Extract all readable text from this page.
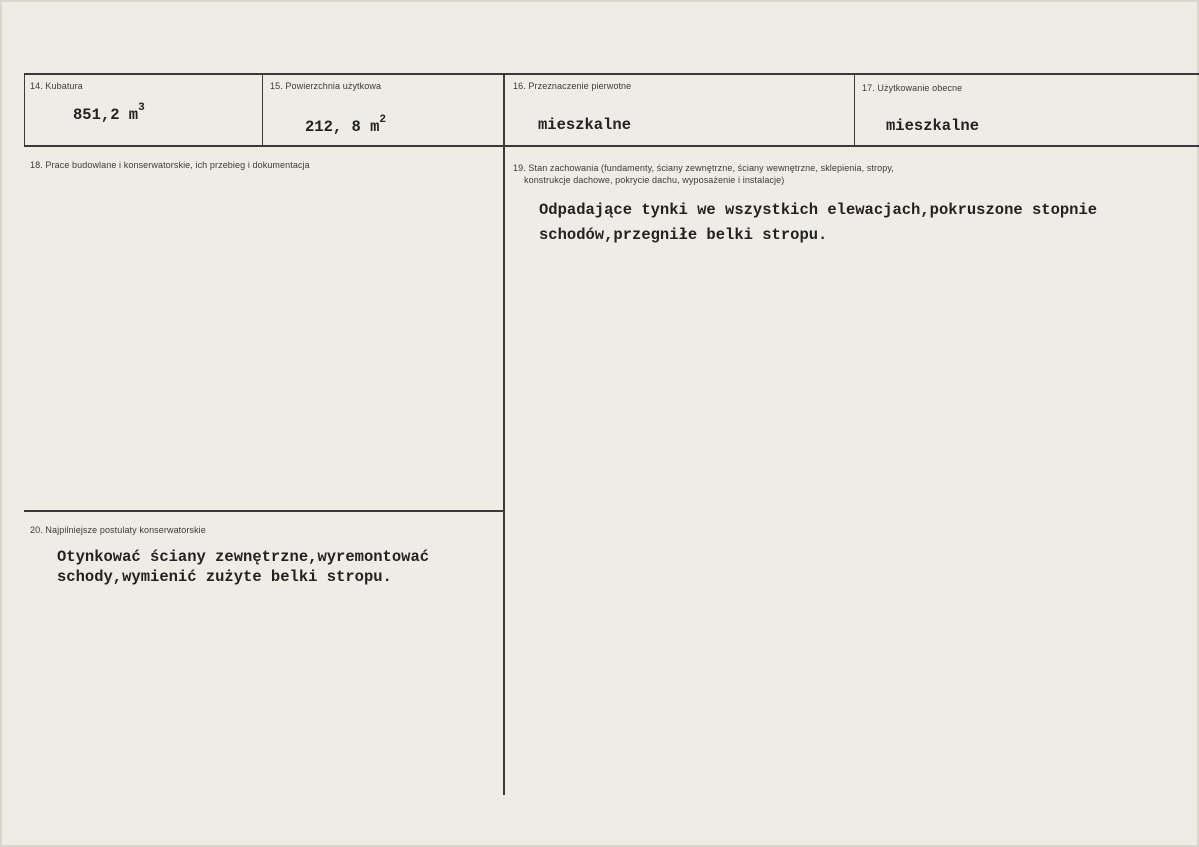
14. Kubatura
851,2 $m^3$
15. Powierzchnia użytkowa
212, 8 $m^2$
16. Przeznaczenie pierwotne
mieszkalne
17. Użytkowanie obecne
mieszkalne
18. Prace budowlane i konserwatorskie, ich przebieg i dokumentacja	19. Stan zachowania (fundamenty, ściany zewnętrzne, ściany wewnętrzne, sklepienia, stropy,
konstrukcje dachowe, pokrycie dachu, wyposażenie i instalacje)
Odpadające tynki we wszystkich elewacjach,pokruszone stopnie
schodów,przegniłe belki stropu.
20. Najpilniejsze postulaty konserwatorskie
Otynkować ściany zewnętrzne,wyremontować
schody,wymienić zużyte belki stropu.
